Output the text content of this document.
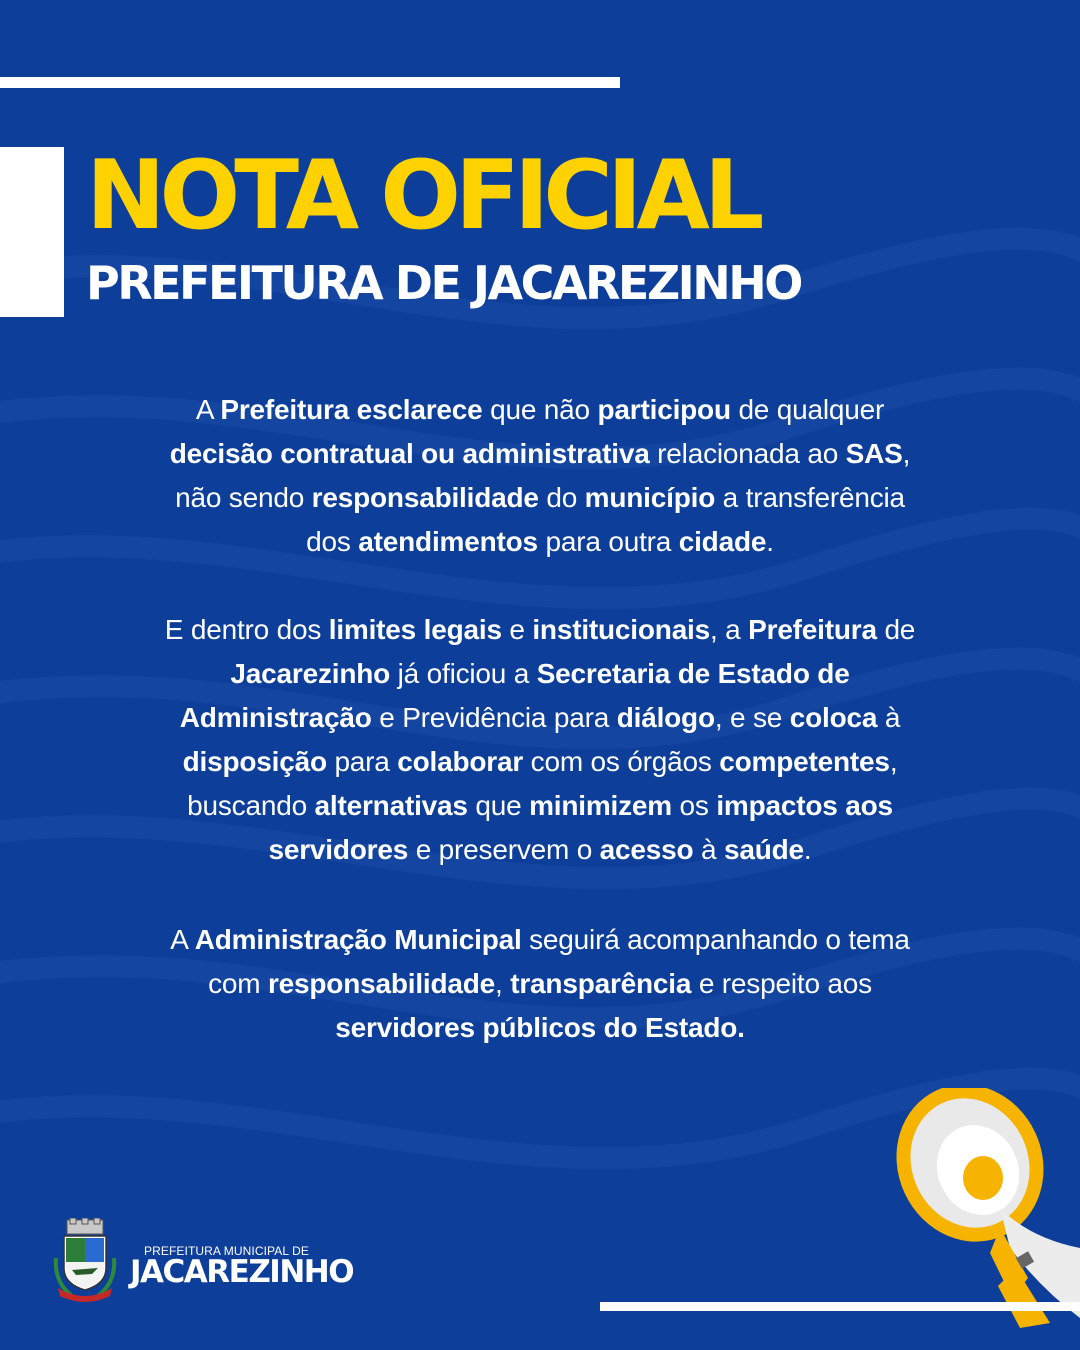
NOTA OFICIAL
PREFEITURA DE JACAREZINHO

A Prefeitura esclarece que não participou de qualquer
decisão contratual ou administrativa relacionada ao SAS,
não sendo responsabilidade do município a transferência
dos atendimentos para outra cidade.

E dentro dos limites legais e institucionais, a Prefeitura de
Jacarezinho já oficiou a Secretaria de Estado de
Administração e Previdência para diálogo, e se coloca à
disposição para colaborar com os órgãos competentes,
buscando alternativas que minimizem os impactos aos
servidores e preservem o acesso à saúde.

A Administração Municipal seguirá acompanhando o tema
com responsabilidade, transparência e respeito aos
servidores públicos do Estado.

PREFEITURA MUNICIPAL DE
JACAREZINHO
